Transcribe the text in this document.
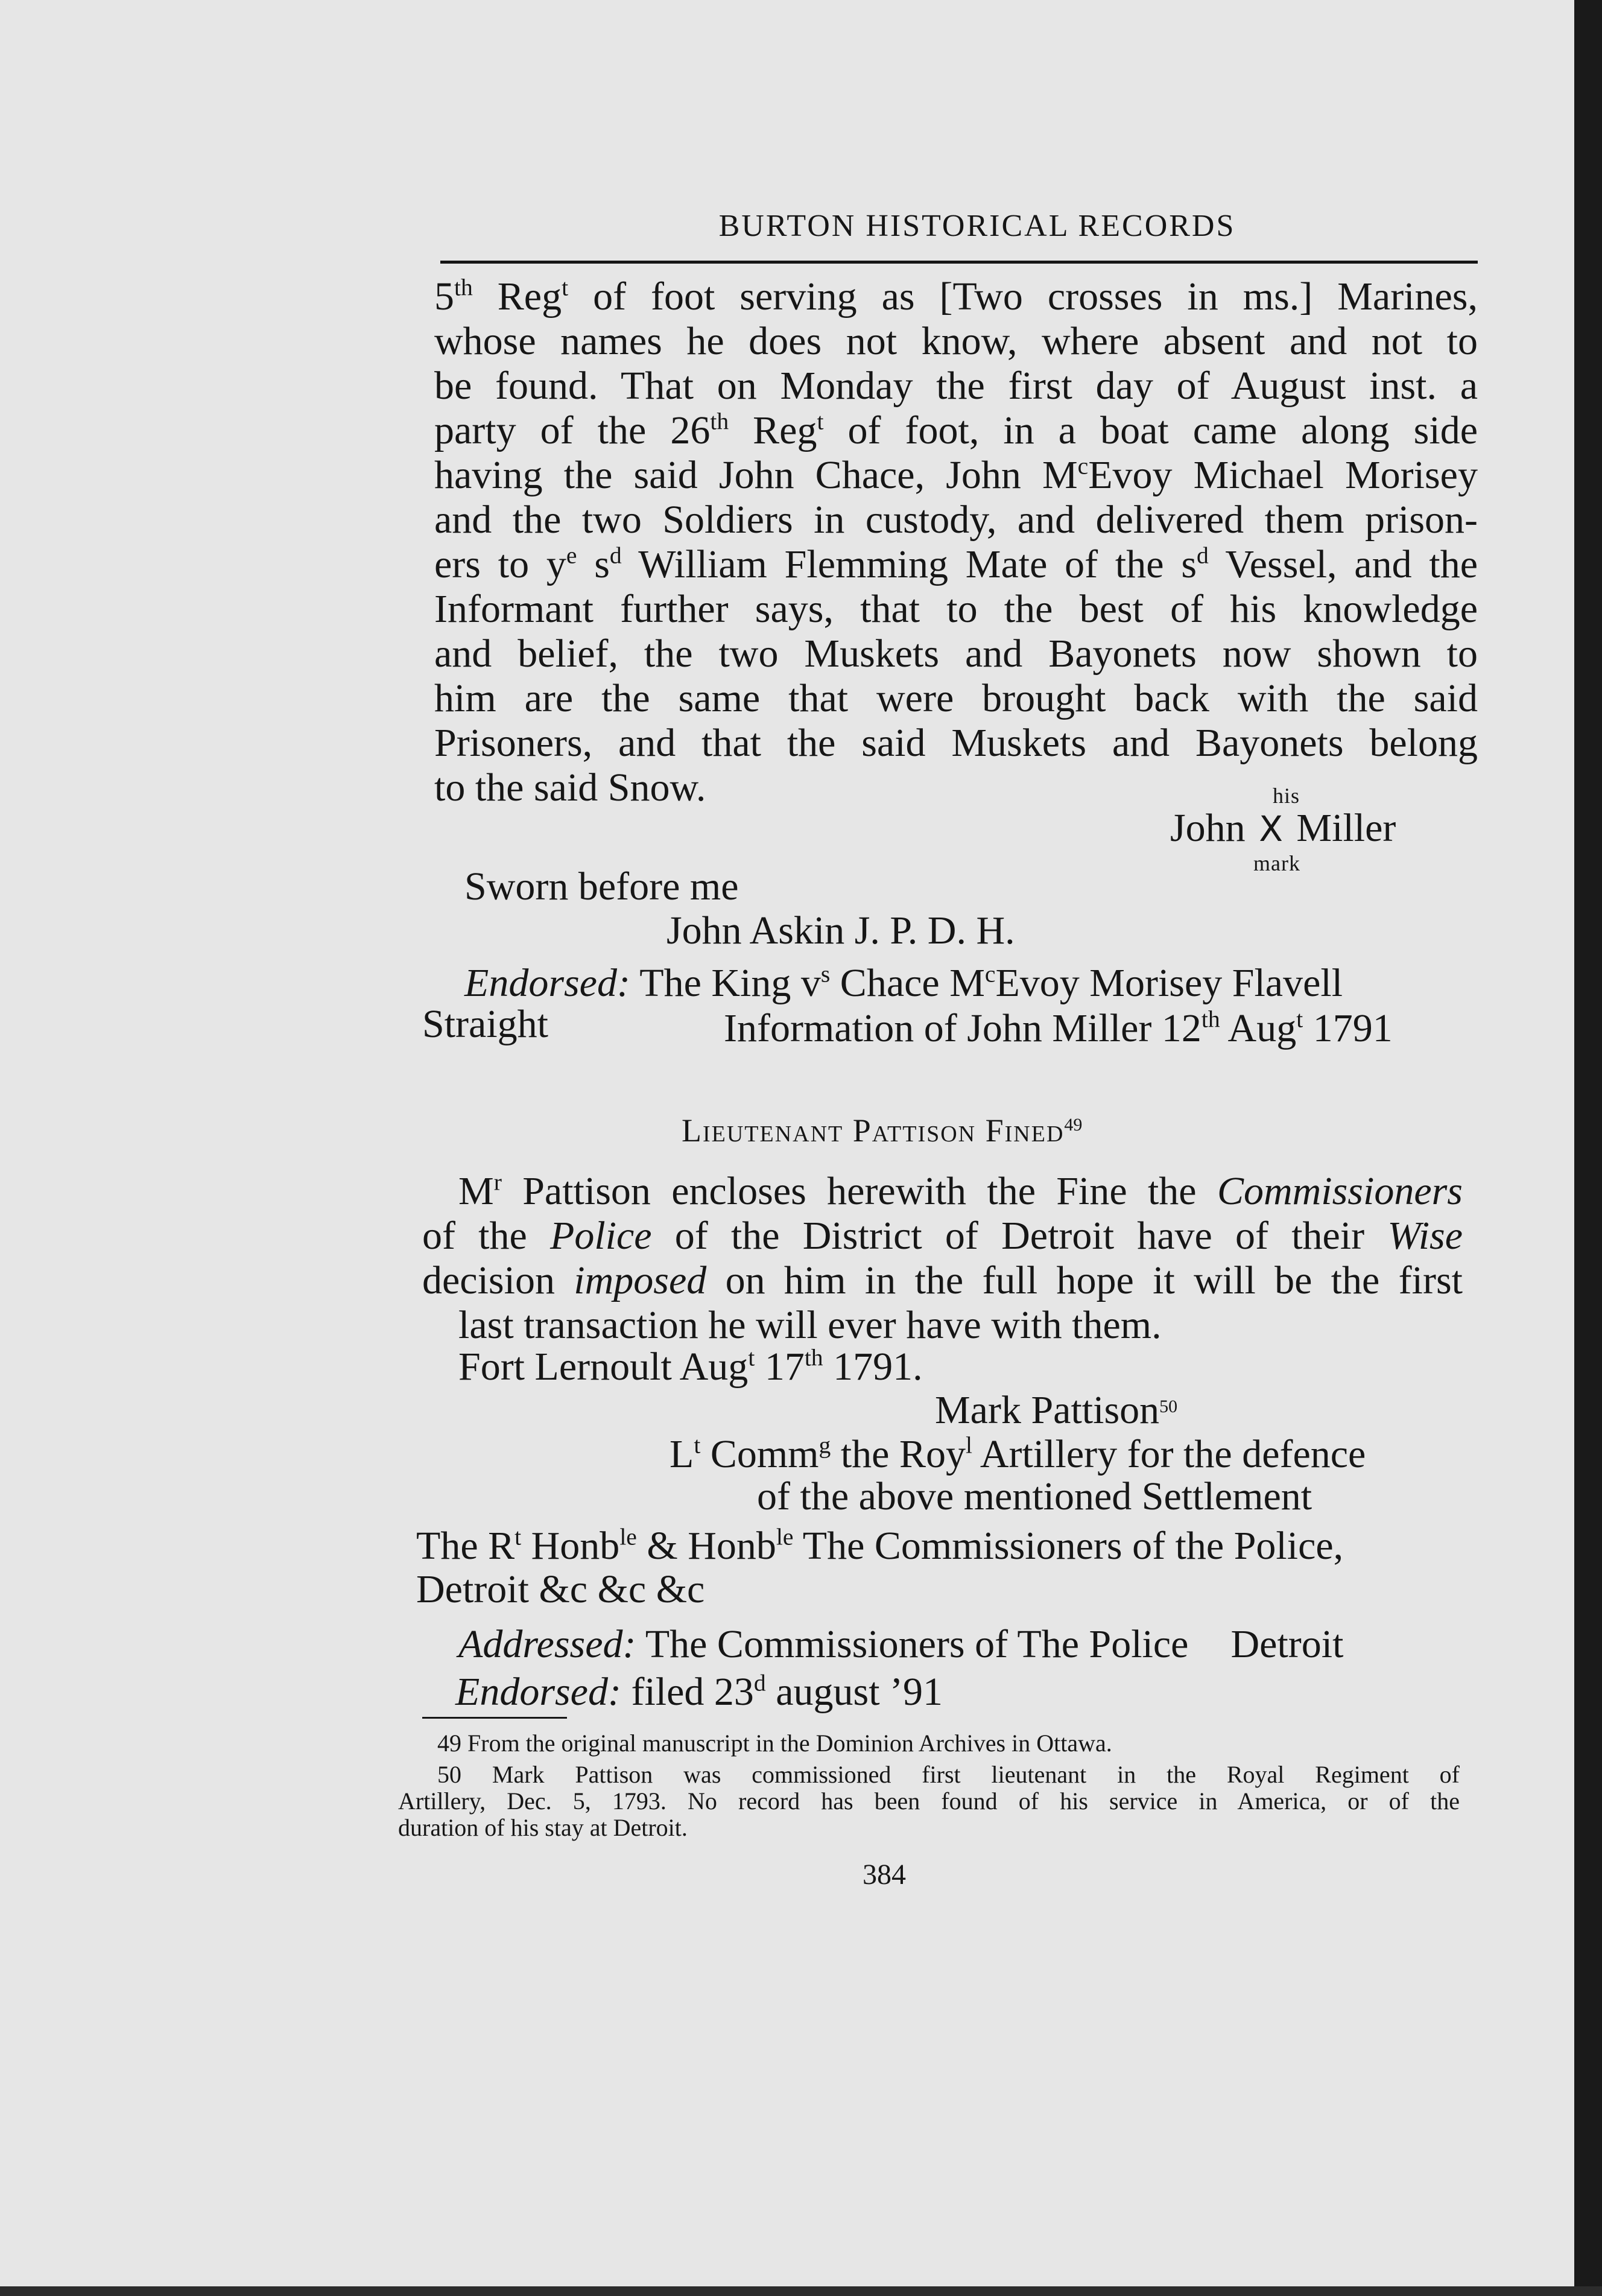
BURTON HISTORICAL RECORDS

5th Reg$^t$ of foot serving as [Two crosses in ms.] Marines,
whose names he does not know, where absent and not to
be found. That on Monday the first day of August inst. a
party of the 26th Reg$^t$ of foot, in a boat came along side
having the said John Chace, John $M^cEvoy$ Michael Morisey
and the two Soldiers in custody, and delivered them prison-
ers to $y^e$ $s^d$ William Flemming Mate of the $s^d$ Vessel, and the
Informant further says, that to the best of his knowledge
and belief, the two Muskets and Bayonets now shown to
him are the same that were brought back with the said
Prisoners, and that the said Muskets and Bayonets belong
to the said Snow.	his
John X Miller
mark
Sworn before me
John Askin J. P. D. H.
Endorsed: The King $v^s$ Chace $M^cEvoy$ Morisey Flavell
Straight	Information of John Miller 12th Aug$^t$ 1791
Lieutenant Pattison Fined$^{49}$

$M^r$ Pattison encloses herewith the Fine the Commissioners
of the Police of the District of Detroit have of their Wise
decision imposed on him in the full hope it will be the first
last transaction he will ever have with them.

Fort Lernoult Aug$^t$ 17th 1791.
Mark Pattison$^{50}$
$L^t$ Comm$^g$ the Roy$^l$ Artillery for the defence
of the above mentioned Settlement
The $R^t$ Honb$^{le}$ & Honb$^{le}$ The Commissioners of the Police,
Detroit &c &c &c
Addressed: The Commissioners of The Police Detroit
Endorsed: filed 23$^d$ august ’91

49 From the original manuscript in the Dominion Archives in Ottawa.

50 Mark Pattison was commissioned first lieutenant in the Royal Regiment of
Artillery, Dec. 5, 1793. No record has been found of his service in America, or of the
duration of his stay at Detroit.

384
